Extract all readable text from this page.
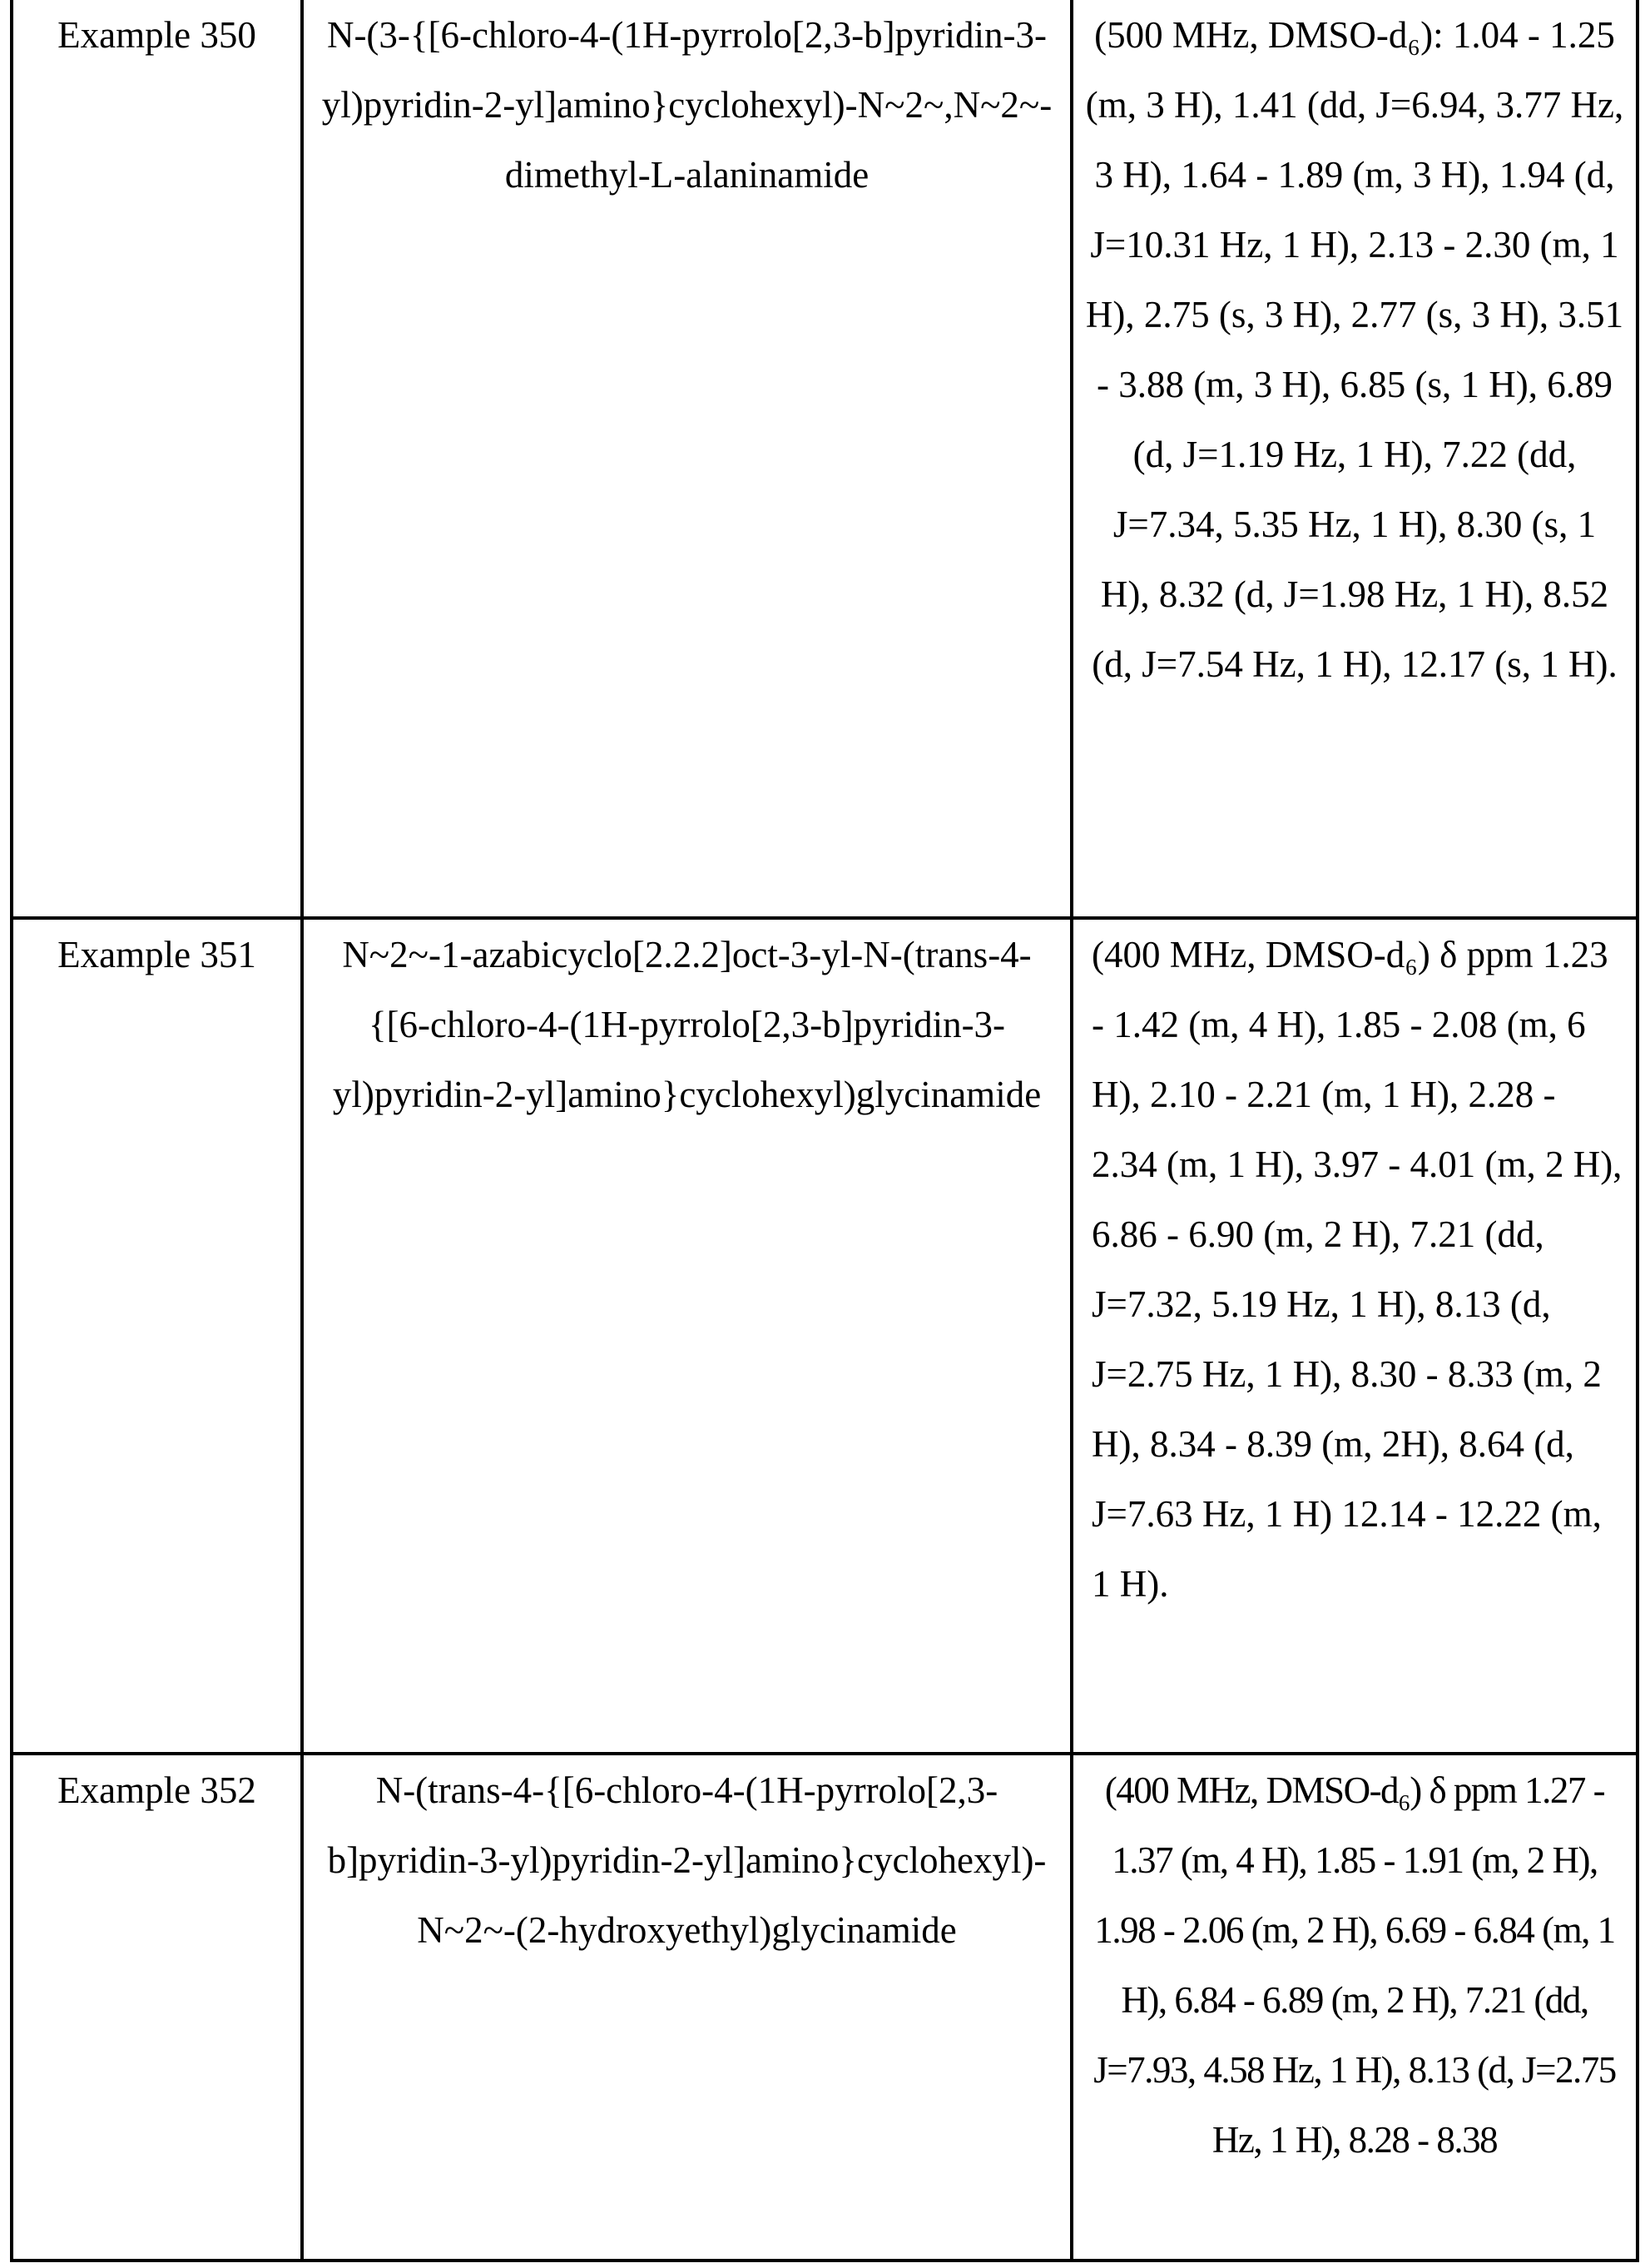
Example 350	N-(3-{[6-chloro-4-(1H-pyrrolo[2,3-b]pyridin-3-yl)pyridin-2-yl]amino}cyclohexyl)-N~2~,N~2~-dimethyl-L-alaninamide	(500 MHz, DMSO-d₆): 1.04 - 1.25 (m, 3 H), 1.41 (dd, J=6.94, 3.77 Hz, 3 H), 1.64 - 1.89 (m, 3 H), 1.94 (d, J=10.31 Hz, 1 H), 2.13 - 2.30 (m, 1 H), 2.75 (s, 3 H), 2.77 (s, 3 H), 3.51 - 3.88 (m, 3 H), 6.85 (s, 1 H), 6.89 (d, J=1.19 Hz, 1 H), 7.22 (dd, J=7.34, 5.35 Hz, 1 H), 8.30 (s, 1 H), 8.32 (d, J=1.98 Hz, 1 H), 8.52 (d, J=7.54 Hz, 1 H), 12.17 (s, 1 H).
Example 351	N~2~-1-azabicyclo[2.2.2]oct-3-yl-N-(trans-4-{[6-chloro-4-(1H-pyrrolo[2,3-b]pyridin-3-yl)pyridin-2-yl]amino}cyclohexyl)glycinamide	(400 MHz, DMSO-d₆) δ ppm 1.23 - 1.42 (m, 4 H), 1.85 - 2.08 (m, 6 H), 2.10 - 2.21 (m, 1 H), 2.28 - 2.34 (m, 1 H), 3.97 - 4.01 (m, 2 H), 6.86 - 6.90 (m, 2 H), 7.21 (dd, J=7.32, 5.19 Hz, 1 H), 8.13 (d, J=2.75 Hz, 1 H), 8.30 - 8.33 (m, 2 H), 8.34 - 8.39 (m, 2H), 8.64 (d, J=7.63 Hz, 1 H) 12.14 - 12.22 (m, 1 H).
Example 352	N-(trans-4-{[6-chloro-4-(1H-pyrrolo[2,3-b]pyridin-3-yl)pyridin-2-yl]amino}cyclohexyl)-N~2~-(2-hydroxyethyl)glycinamide	(400 MHz, DMSO-d₆) δ ppm 1.27 - 1.37 (m, 4 H), 1.85 - 1.91 (m, 2 H), 1.98 - 2.06 (m, 2 H), 6.69 - 6.84 (m, 1 H), 6.84 - 6.89 (m, 2 H), 7.21 (dd, J=7.93, 4.58 Hz, 1 H), 8.13 (d, J=2.75 Hz, 1 H), 8.28 - 8.38
